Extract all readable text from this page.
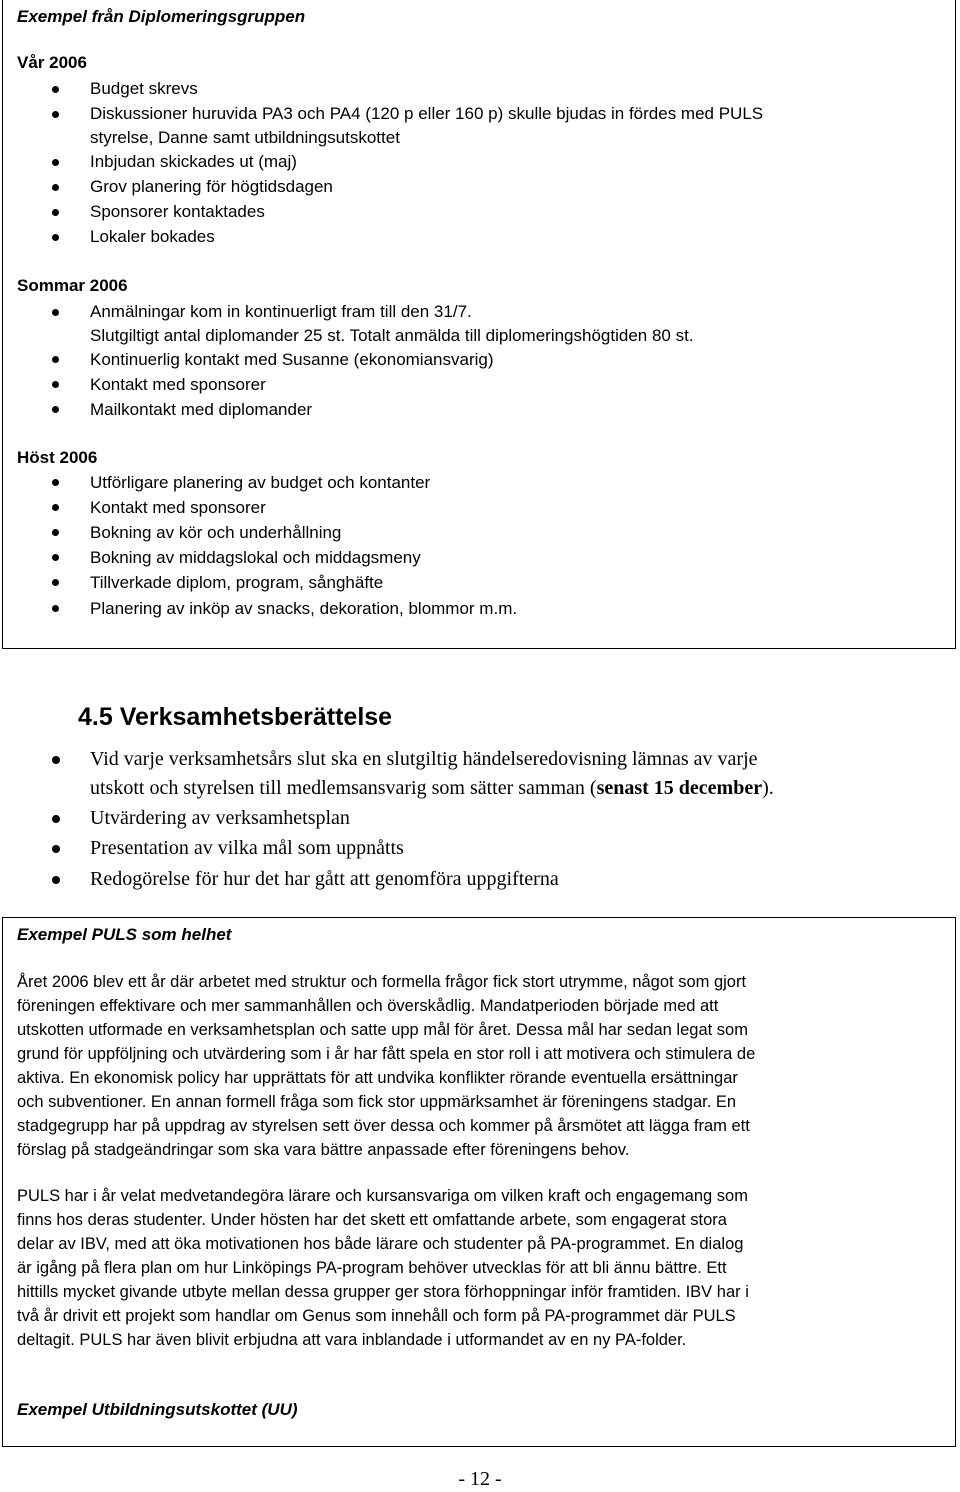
Exempel från Diplomeringsgruppen
Vår 2006
Budget skrevs
Diskussioner huruvida PA3 och PA4 (120 p eller 160 p) skulle bjudas in fördes med PULS
styrelse, Danne samt utbildningsutskottet
Inbjudan skickades ut (maj)
Grov planering för högtidsdagen
Sponsorer kontaktades
Lokaler bokades
Sommar 2006
Anmälningar kom in kontinuerligt fram till den 31/7.
Slutgiltigt antal diplomander 25 st. Totalt anmälda till diplomeringshögtiden 80 st.
Kontinuerlig kontakt med Susanne (ekonomiansvarig)
Kontakt med sponsorer
Mailkontakt med diplomander
Höst 2006
Utförligare planering av budget och kontanter
Kontakt med sponsorer
Bokning av kör och underhållning
Bokning av middagslokal och middagsmeny
Tillverkade diplom, program, sånghäfte
Planering av inköp av snacks, dekoration, blommor m.m.
4.5 Verksamhetsberättelse
Vid varje verksamhetsårs slut ska en slutgiltig händelseredovisning lämnas av varje
utskott och styrelsen till medlemsansvarig som sätter samman (senast 15 december).
Utvärdering av verksamhetsplan
Presentation av vilka mål som uppnåtts
Redogörelse för hur det har gått att genomföra uppgifterna
Exempel PULS som helhet
Året 2006 blev ett år där arbetet med struktur och formella frågor fick stort utrymme, något som gjort
föreningen effektivare och mer sammanhållen och överskådlig. Mandatperioden började med att
utskotten utformade en verksamhetsplan och satte upp mål för året. Dessa mål har sedan legat som
grund för uppföljning och utvärdering som i år har fått spela en stor roll i att motivera och stimulera de
aktiva. En ekonomisk policy har upprättats för att undvika konflikter rörande eventuella ersättningar
och subventioner. En annan formell fråga som fick stor uppmärksamhet är föreningens stadgar. En
stadgegrupp har på uppdrag av styrelsen sett över dessa och kommer på årsmötet att lägga fram ett
förslag på stadgeändringar som ska vara bättre anpassade efter föreningens behov.
PULS har i år velat medvetandegöra lärare och kursansvariga om vilken kraft och engagemang som
finns hos deras studenter. Under hösten har det skett ett omfattande arbete, som engagerat stora
delar av IBV, med att öka motivationen hos både lärare och studenter på PA-programmet. En dialog
är igång på flera plan om hur Linköpings PA-program behöver utvecklas för att bli ännu bättre. Ett
hittills mycket givande utbyte mellan dessa grupper ger stora förhoppningar inför framtiden. IBV har i
två år drivit ett projekt som handlar om Genus som innehåll och form på PA-programmet där PULS
deltagit. PULS har även blivit erbjudna att vara inblandade i utformandet av en ny PA-folder.
Exempel Utbildningsutskottet (UU)
- 12 -
